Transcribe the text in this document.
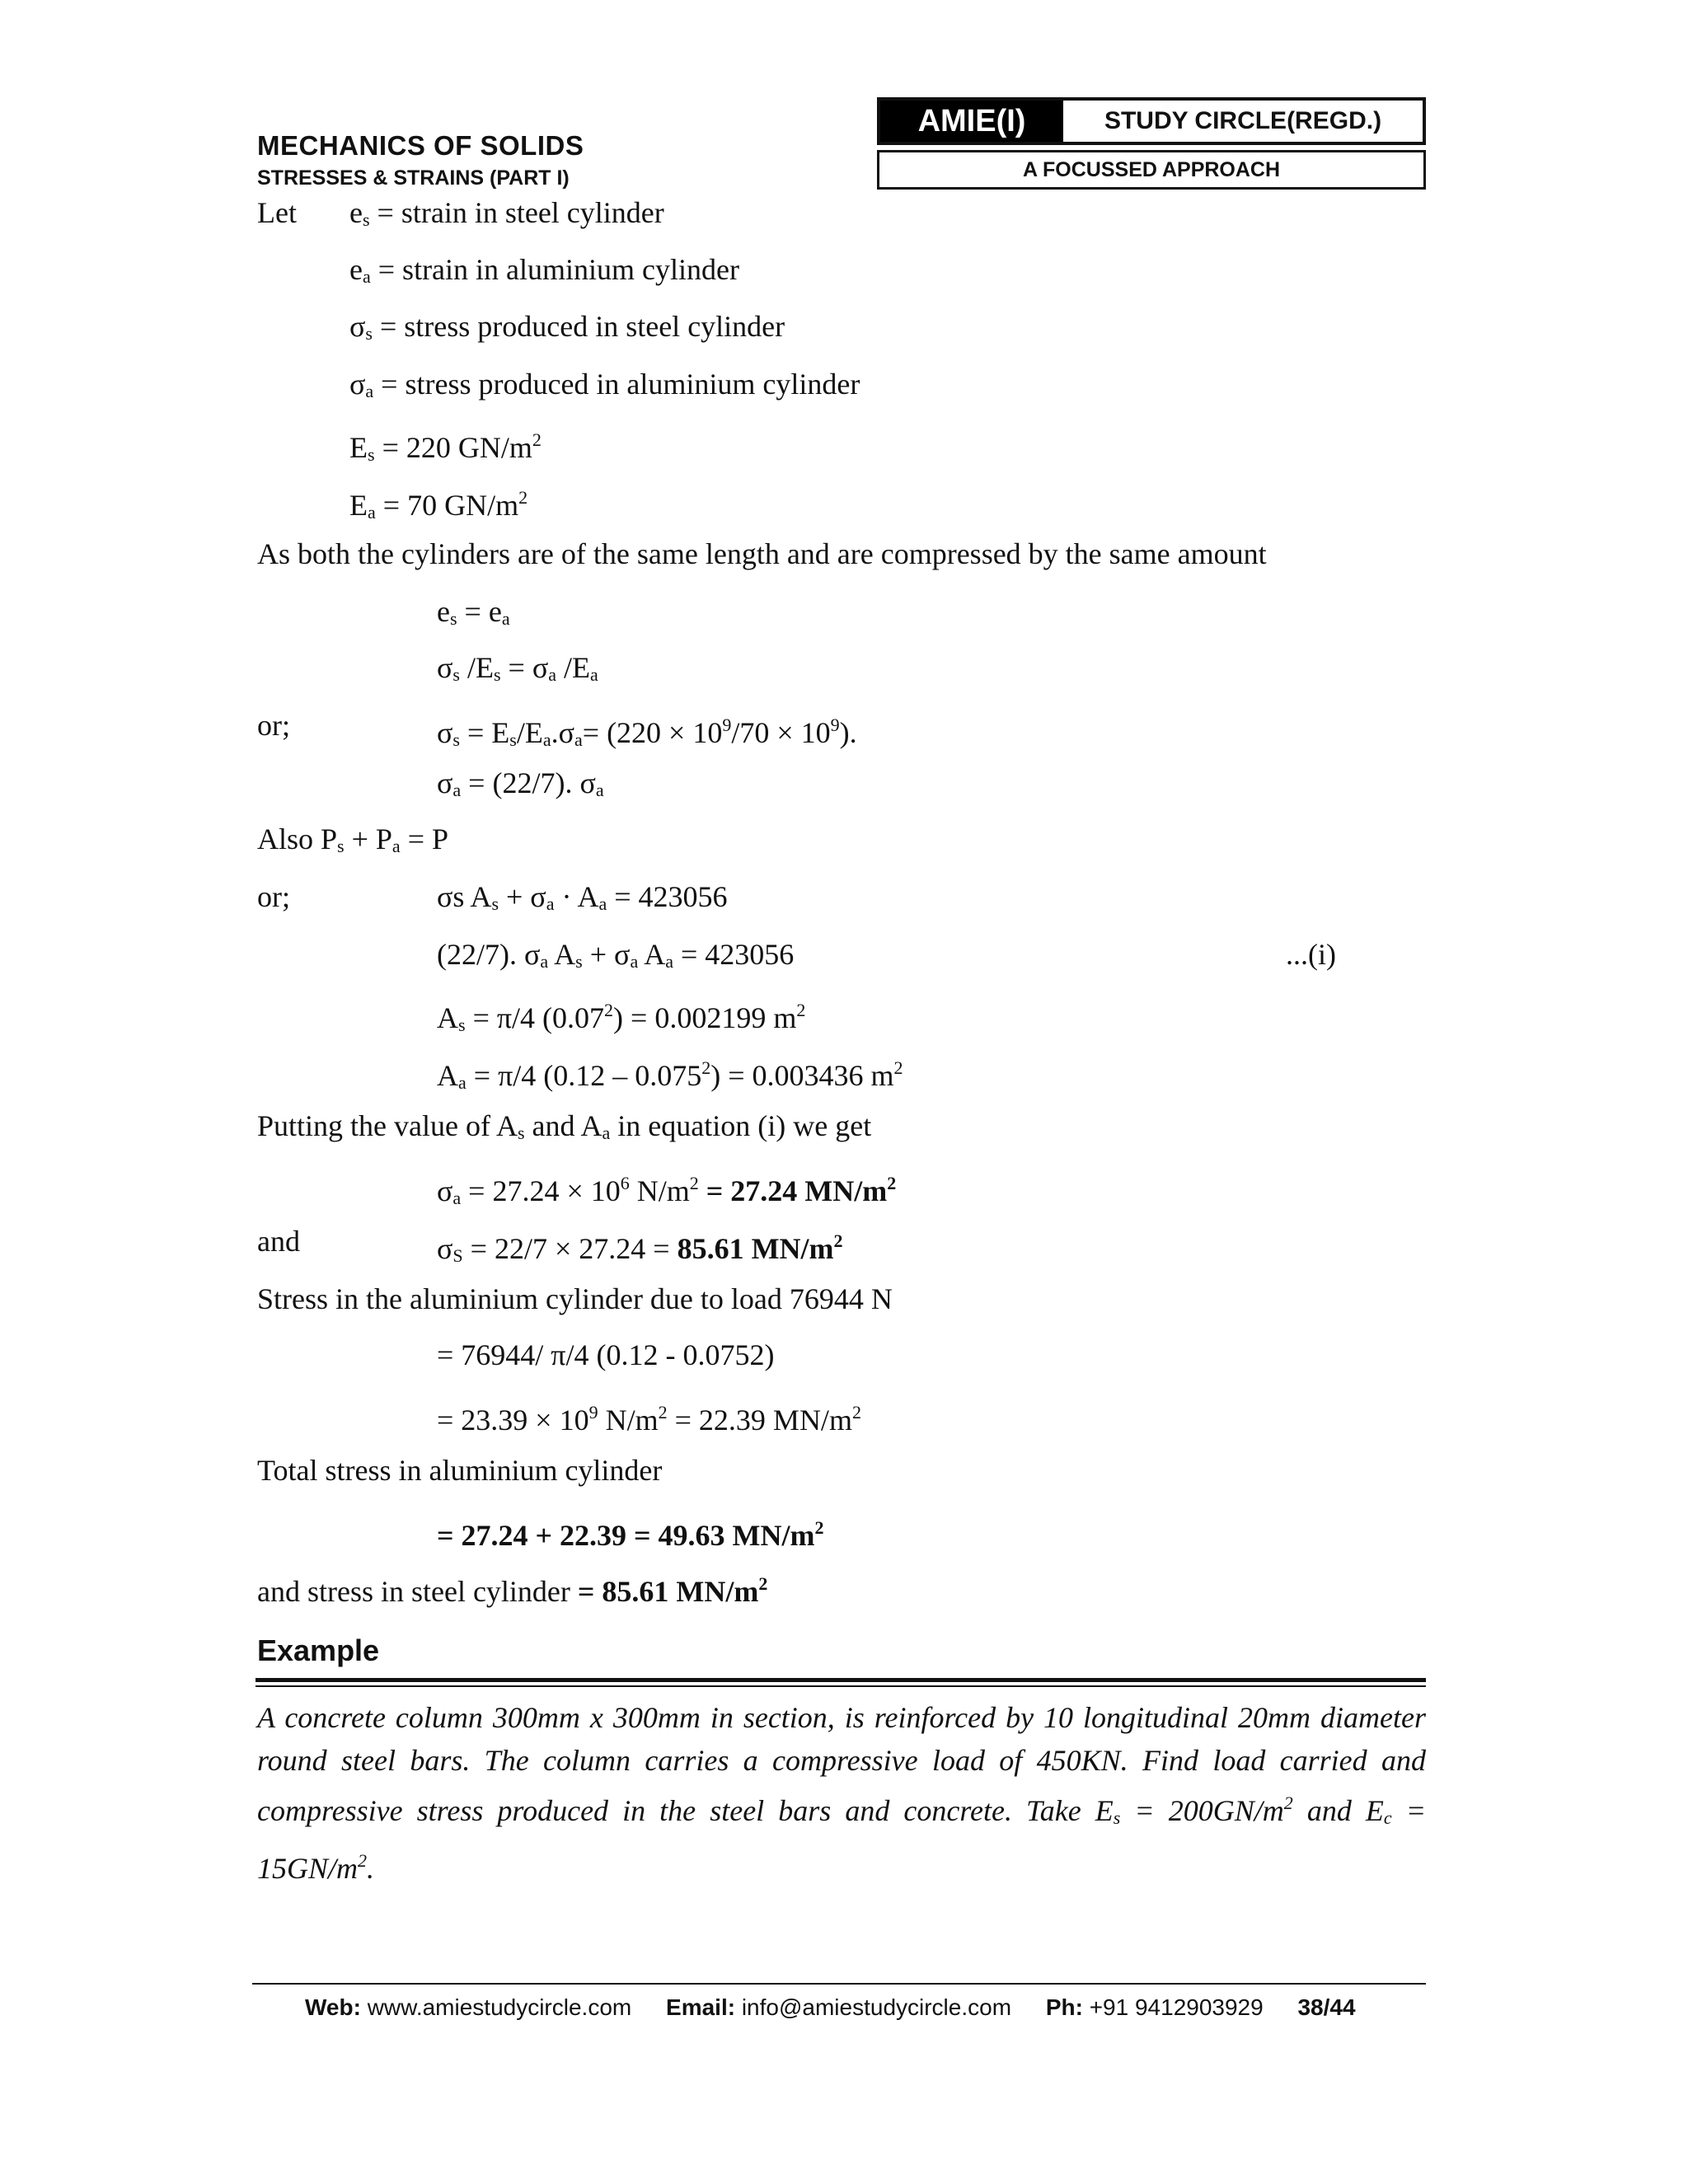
MECHANICS OF SOLIDS
STRESSES & STRAINS (PART I)
AMIE(I)	STUDY CIRCLE(REGD.)
A FOCUSSED APPROACH
Let es = strain in steel cylinder
ea = strain in aluminium cylinder
σs = stress produced in steel cylinder
σa = stress produced in aluminium cylinder
Es = 220 $GN/m^2$
Ea = 70 $GN/m^2$
As both the cylinders are of the same length and are compressed by the same amount
es = ea
σs /Es = σa /Ea
or;	$\sigma s = Es/Ea.\sigma a= (220 \times 10^9/70 \times 10^9)$.
σa = (22/7). σa
Also Ps + Pa = P
or;	σs As + σa · Aa = 423056
(22/7). σa As + σa Aa = 423056	...(i)
As = π/4 $(0.07^2) = 0.002199$ $m^2$
Aa = π/4 $(0.12 - 0.075^2) = 0.003436$ $m^2$
Putting the value of As and Aa in equation (i) we get
$\sigma a = 27.24 \times 10^6$ $N/m^2 = 27.24$ $MN/m^2$
and	σS = 22/7 × 27.24 = 85.61 $MN/m^2$
Stress in the aluminium cylinder due to load 76944 N
= 76944/ π/4 (0.12 - 0.0752)
= $23.39 \times 10^9$ $N/m^2 = 22.39$ $MN/m^2$
Total stress in aluminium cylinder
= 27.24 + 22.39 = 49.63 $MN/m^2$
and stress in steel cylinder = 85.61 $MN/m^2$
Example
A concrete column 300mm x 300mm in section, is reinforced by 10 longitudinal 20mm diameter round steel bars. The column carries a compressive load of 450KN. Find load carried and compressive stress produced in the steel bars and concrete. Take $Es = 200GN/m^2$ and $Ec = 15GN/m^2$.
Web: www.amiestudycircle.com Email: info@amiestudycircle.com Ph: +91 9412903929 38/44
